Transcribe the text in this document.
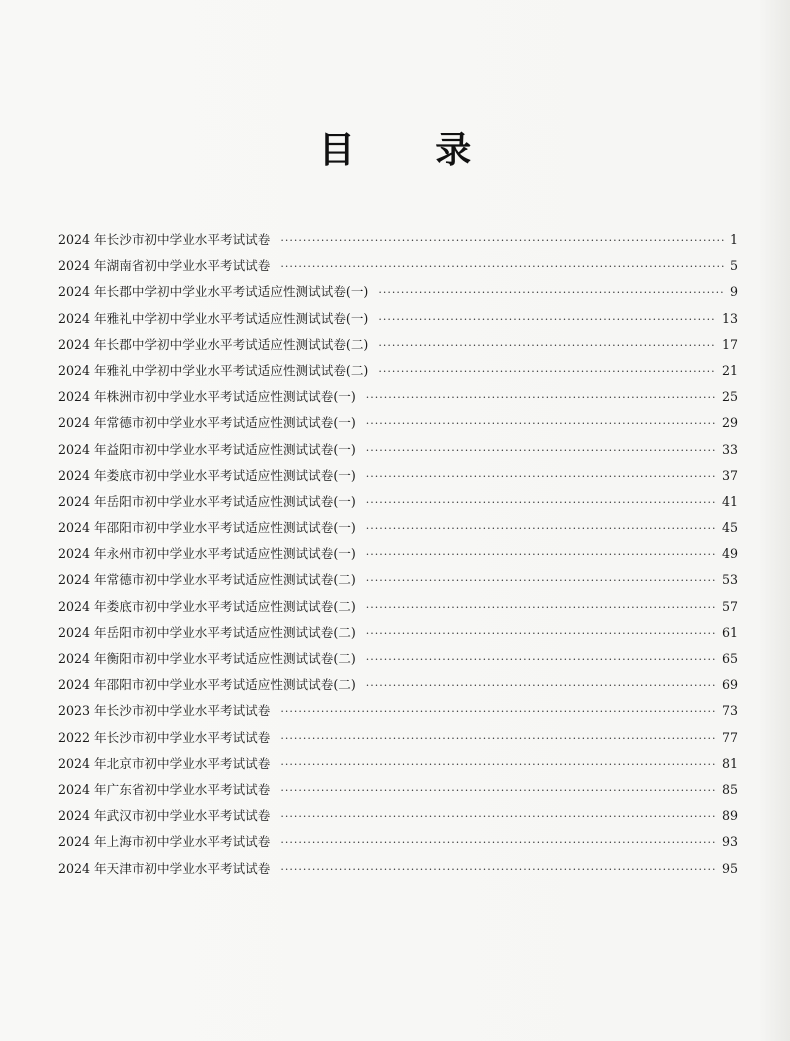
目 录
2024 年长沙市初中学业水平考试试卷 ·····	1
2024 年湖南省初中学业水平考试试卷 ·····	5
2024 年长郡中学初中学业水平考试适应性测试试卷(一) ·····	9
2024 年雅礼中学初中学业水平考试适应性测试试卷(一) ·····	13
2024 年长郡中学初中学业水平考试适应性测试试卷(二) ·····	17
2024 年雅礼中学初中学业水平考试适应性测试试卷(二) ·····	21
2024 年株洲市初中学业水平考试适应性测试试卷(一) ·····	25
2024 年常德市初中学业水平考试适应性测试试卷(一) ·····	29
2024 年益阳市初中学业水平考试适应性测试试卷(一) ·····	33
2024 年娄底市初中学业水平考试适应性测试试卷(一) ·····	37
2024 年岳阳市初中学业水平考试适应性测试试卷(一) ·····	41
2024 年邵阳市初中学业水平考试适应性测试试卷(一) ·····	45
2024 年永州市初中学业水平考试适应性测试试卷(一) ·····	49
2024 年常德市初中学业水平考试适应性测试试卷(二) ·····	53
2024 年娄底市初中学业水平考试适应性测试试卷(二) ·····	57
2024 年岳阳市初中学业水平考试适应性测试试卷(二) ·····	61
2024 年衡阳市初中学业水平考试适应性测试试卷(二) ·····	65
2024 年邵阳市初中学业水平考试适应性测试试卷(二) ·····	69
2023 年长沙市初中学业水平考试试卷 ·····	73
2022 年长沙市初中学业水平考试试卷 ·····	77
2024 年北京市初中学业水平考试试卷 ·····	81
2024 年广东省初中学业水平考试试卷 ·····	85
2024 年武汉市初中学业水平考试试卷 ·····	89
2024 年上海市初中学业水平考试试卷 ·····	93
2024 年天津市初中学业水平考试试卷 ·····	95
